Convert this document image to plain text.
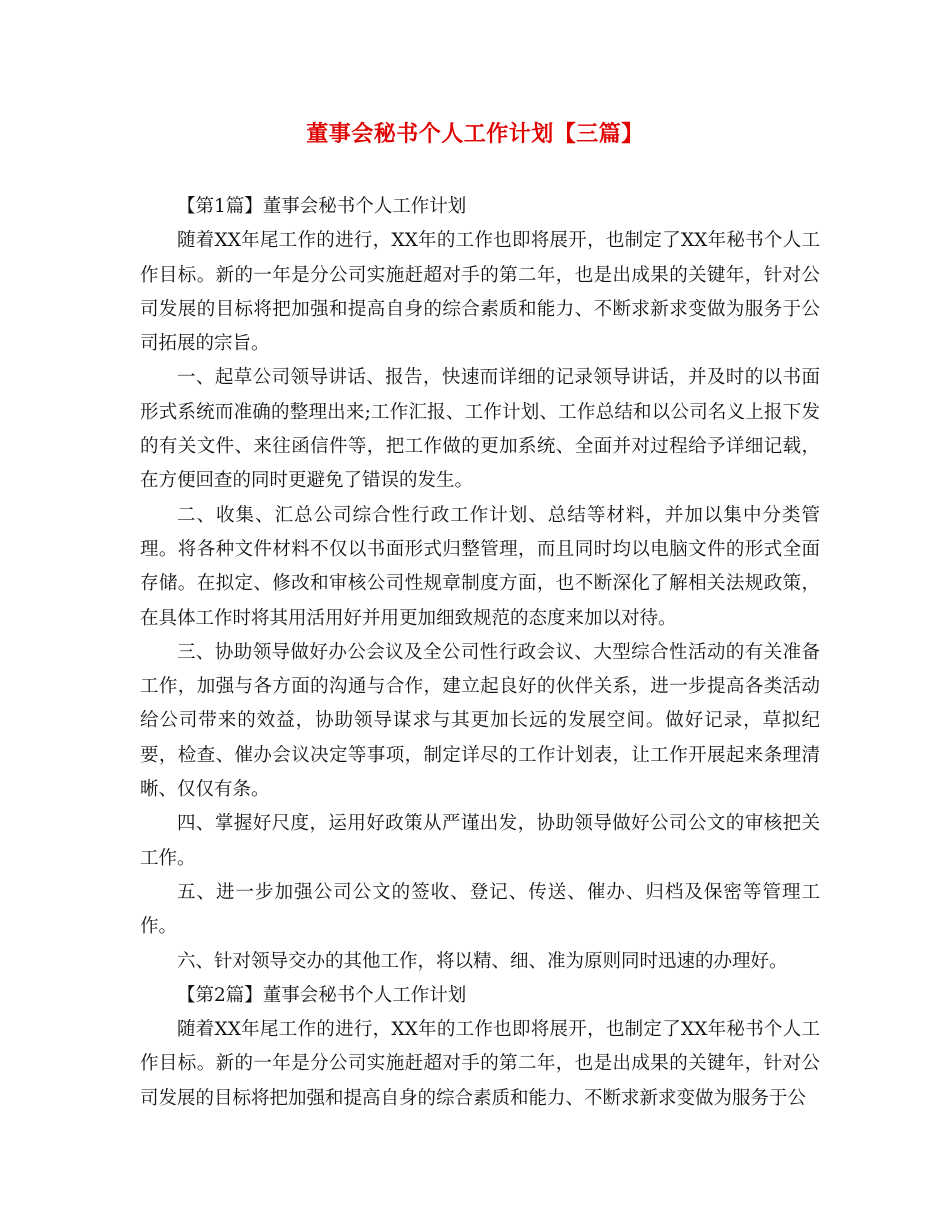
董事会秘书个人工作计划【三篇】

【第1篇】董事会秘书个人工作计划

随着XX年尾工作的进行，XX年的工作也即将展开，也制定了XX年秘书个人工作目标。新的一年是分公司实施赶超对手的第二年，也是出成果的关键年，针对公司发展的目标将把加强和提高自身的综合素质和能力、不断求新求变做为服务于公司拓展的宗旨。

一、起草公司领导讲话、报告，快速而详细的记录领导讲话，并及时的以书面形式系统而准确的整理出来;工作汇报、工作计划、工作总结和以公司名义上报下发的有关文件、来往函信件等，把工作做的更加系统、全面并对过程给予详细记载，在方便回查的同时更避免了错误的发生。

二、收集、汇总公司综合性行政工作计划、总结等材料，并加以集中分类管理。将各种文件材料不仅以书面形式归整管理，而且同时均以电脑文件的形式全面存储。在拟定、修改和审核公司性规章制度方面，也不断深化了解相关法规政策，在具体工作时将其用活用好并用更加细致规范的态度来加以对待。

三、协助领导做好办公会议及全公司性行政会议、大型综合性活动的有关准备工作，加强与各方面的沟通与合作，建立起良好的伙伴关系，进一步提高各类活动给公司带来的效益，协助领导谋求与其更加长远的发展空间。做好记录，草拟纪要，检查、催办会议决定等事项，制定详尽的工作计划表，让工作开展起来条理清晰、仅仅有条。

四、掌握好尺度，运用好政策从严谨出发，协助领导做好公司公文的审核把关工作。

五、进一步加强公司公文的签收、登记、传送、催办、归档及保密等管理工作。

六、针对领导交办的其他工作，将以精、细、准为原则同时迅速的办理好。

【第2篇】董事会秘书个人工作计划

随着XX年尾工作的进行，XX年的工作也即将展开，也制定了XX年秘书个人工作目标。新的一年是分公司实施赶超对手的第二年，也是出成果的关键年，针对公司发展的目标将把加强和提高自身的综合素质和能力、不断求新求变做为服务于公
